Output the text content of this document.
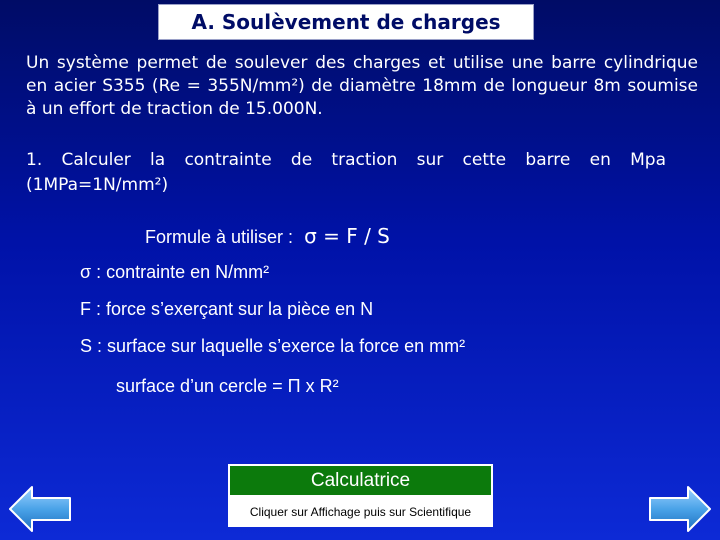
A. Soulèvement de charges

Un système permet de soulever des charges et utilise une barre cylindrique en acier S355 (Re = 355N/mm²) de diamètre 18mm de longueur 8m soumise à un effort de traction de 15.000N.

1. Calculer la contrainte de traction sur cette barre en Mpa (1MPa=1N/mm²)

Formule à utiliser : σ = F / S
σ : contrainte en N/mm²
F : force s’exerçant sur la pièce en N
S : surface sur laquelle s’exerce la force en mm²
surface d’un cercle = Π x R²
Calculatrice
Cliquer sur Affichage puis sur Scientifique
